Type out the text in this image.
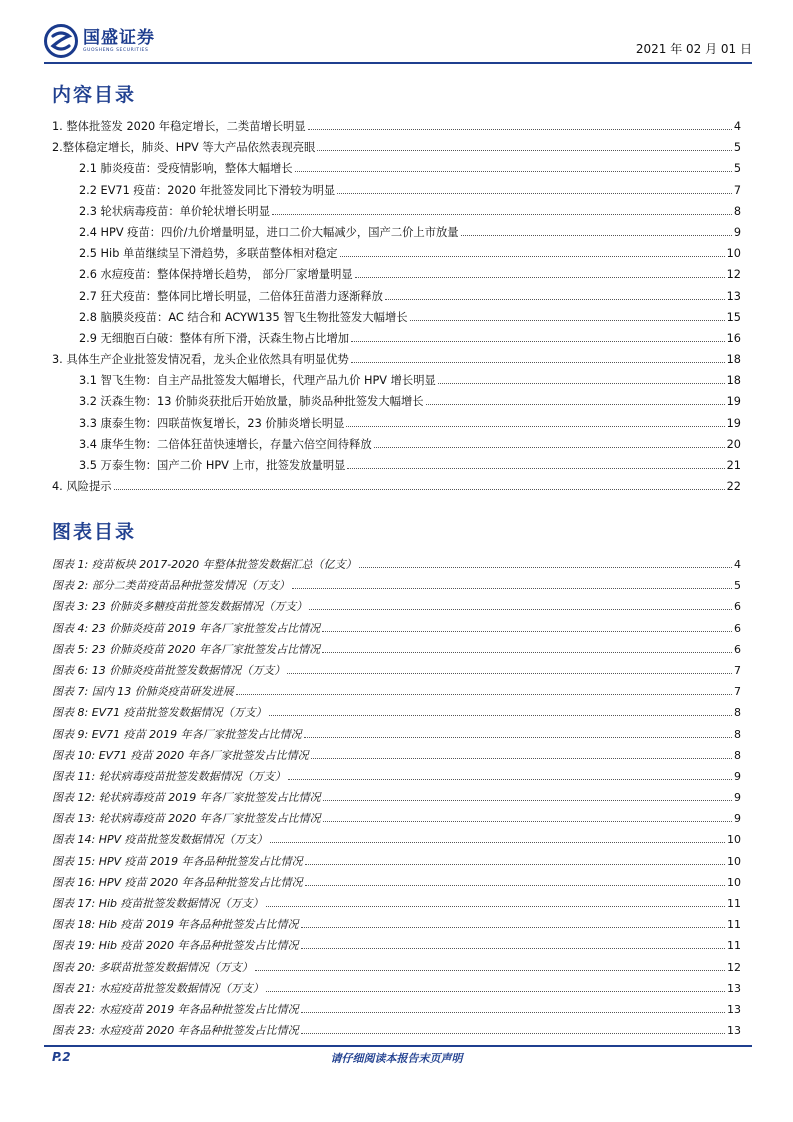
国盛证券
GUOSHENG SECURITIES	2021 年 02 月 01 日
内容目录
1. 整体批签发 2020 年稳定增长，二类苗增长明显	4
2.整体稳定增长，肺炎、HPV 等大产品依然表现亮眼	5
2.1 肺炎疫苗：受疫情影响，整体大幅增长	5
2.2 EV71 疫苗：2020 年批签发同比下滑较为明显	7
2.3 轮状病毒疫苗：单价轮状增长明显	8
2.4 HPV 疫苗：四价/九价增量明显，进口二价大幅减少，国产二价上市放量	9
2.5 Hib 单苗继续呈下滑趋势，多联苗整体相对稳定	10
2.6 水痘疫苗：整体保持增长趋势， 部分厂家增量明显	12
2.7 狂犬疫苗：整体同比增长明显，二倍体狂苗潜力逐渐释放	13
2.8 脑膜炎疫苗：AC 结合和 ACYW135 智飞生物批签发大幅增长	15
2.9 无细胞百白破：整体有所下滑，沃森生物占比增加	16
3. 具体生产企业批签发情况看，龙头企业依然具有明显优势	18
3.1 智飞生物：自主产品批签发大幅增长，代理产品九价 HPV 增长明显	18
3.2 沃森生物：13 价肺炎获批后开始放量，肺炎品种批签发大幅增长	19
3.3 康泰生物：四联苗恢复增长，23 价肺炎增长明显	19
3.4 康华生物：二倍体狂苗快速增长，存量六倍空间待释放	20
3.5 万泰生物：国产二价 HPV 上市，批签发放量明显	21
4. 风险提示	22
图表目录
图表 1: 疫苗板块 2017-2020 年整体批签发数据汇总（亿支）	4
图表 2: 部分二类苗疫苗品种批签发情况（万支）	5
图表 3: 23 价肺炎多糖疫苗批签发数据情况（万支）	6
图表 4: 23 价肺炎疫苗 2019 年各厂家批签发占比情况	6
图表 5: 23 价肺炎疫苗 2020 年各厂家批签发占比情况	6
图表 6: 13 价肺炎疫苗批签发数据情况（万支）	7
图表 7: 国内 13 价肺炎疫苗研发进展	7
图表 8: EV71 疫苗批签发数据情况（万支）	8
图表 9: EV71 疫苗 2019 年各厂家批签发占比情况	8
图表 10: EV71 疫苗 2020 年各厂家批签发占比情况	8
图表 11: 轮状病毒疫苗批签发数据情况（万支）	9
图表 12: 轮状病毒疫苗 2019 年各厂家批签发占比情况	9
图表 13: 轮状病毒疫苗 2020 年各厂家批签发占比情况	9
图表 14: HPV 疫苗批签发数据情况（万支）	10
图表 15: HPV 疫苗 2019 年各品种批签发占比情况	10
图表 16: HPV 疫苗 2020 年各品种批签发占比情况	10
图表 17: Hib 疫苗批签发数据情况（万支）	11
图表 18: Hib 疫苗 2019 年各品种批签发占比情况	11
图表 19: Hib 疫苗 2020 年各品种批签发占比情况	11
图表 20: 多联苗批签发数据情况（万支）	12
图表 21: 水痘疫苗批签发数据情况（万支）	13
图表 22: 水痘疫苗 2019 年各品种批签发占比情况	13
图表 23: 水痘疫苗 2020 年各品种批签发占比情况	13
P.2	请仔细阅读本报告末页声明
